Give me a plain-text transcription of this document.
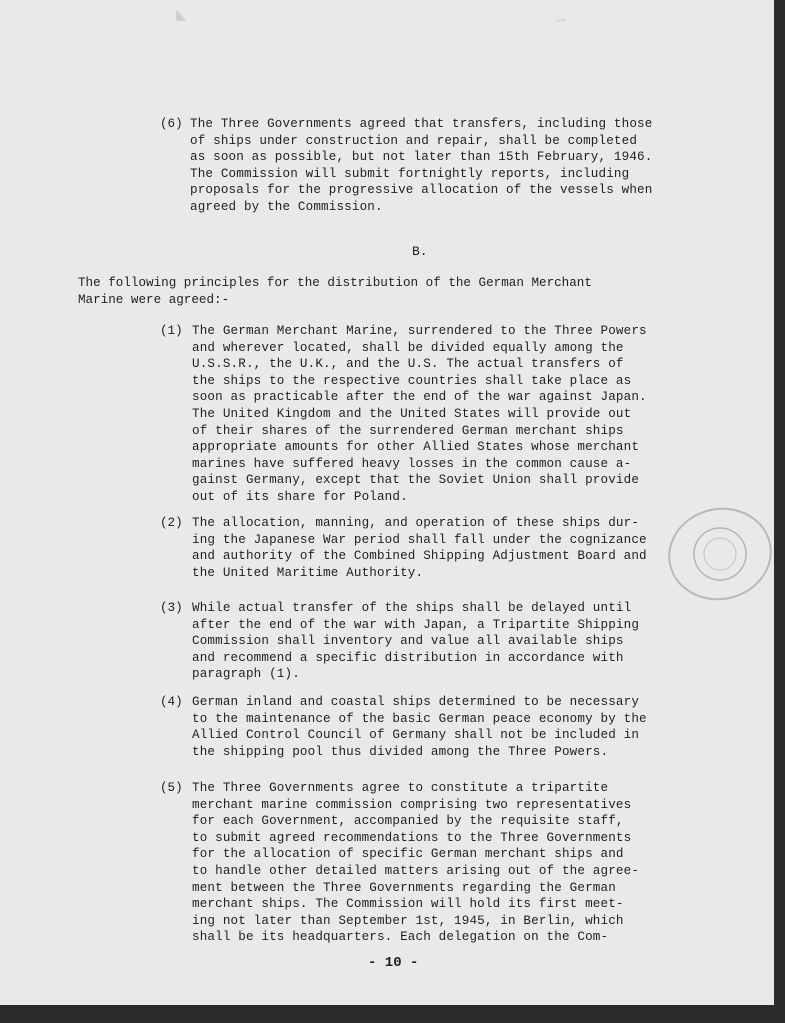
◣	∽
(6) The Three Governments agreed that transfers, including those
of ships under construction and repair, shall be completed
as soon as possible, but not later than 15th February, 1946.
The Commission will submit fortnightly reports, including
proposals for the progressive allocation of the vessels when
agreed by the Commission.
B.
The following principles for the distribution of the German Merchant
Marine were agreed:-
(1) The German Merchant Marine, surrendered to the Three Powers
and wherever located, shall be divided equally among the
U.S.S.R., the U.K., and the U.S. The actual transfers of
the ships to the respective countries shall take place as
soon as practicable after the end of the war against Japan.
The United Kingdom and the United States will provide out
of their shares of the surrendered German merchant ships
appropriate amounts for other Allied States whose merchant
marines have suffered heavy losses in the common cause a-
gainst Germany, except that the Soviet Union shall provide
out of its share for Poland.
(2) The allocation, manning, and operation of these ships dur-
ing the Japanese War period shall fall under the cognizance
and authority of the Combined Shipping Adjustment Board and
the United Maritime Authority.
(3) While actual transfer of the ships shall be delayed until
after the end of the war with Japan, a Tripartite Shipping
Commission shall inventory and value all available ships
and recommend a specific distribution in accordance with
paragraph (1).
(4) German inland and coastal ships determined to be necessary
to the maintenance of the basic German peace economy by the
Allied Control Council of Germany shall not be included in
the shipping pool thus divided among the Three Powers.
(5) The Three Governments agree to constitute a tripartite
merchant marine commission comprising two representatives
for each Government, accompanied by the requisite staff,
to submit agreed recommendations to the Three Governments
for the allocation of specific German merchant ships and
to handle other detailed matters arising out of the agree-
ment between the Three Governments regarding the German
merchant ships. The Commission will hold its first meet-
ing not later than September 1st, 1945, in Berlin, which
shall be its headquarters. Each delegation on the Com-
- 10 -
